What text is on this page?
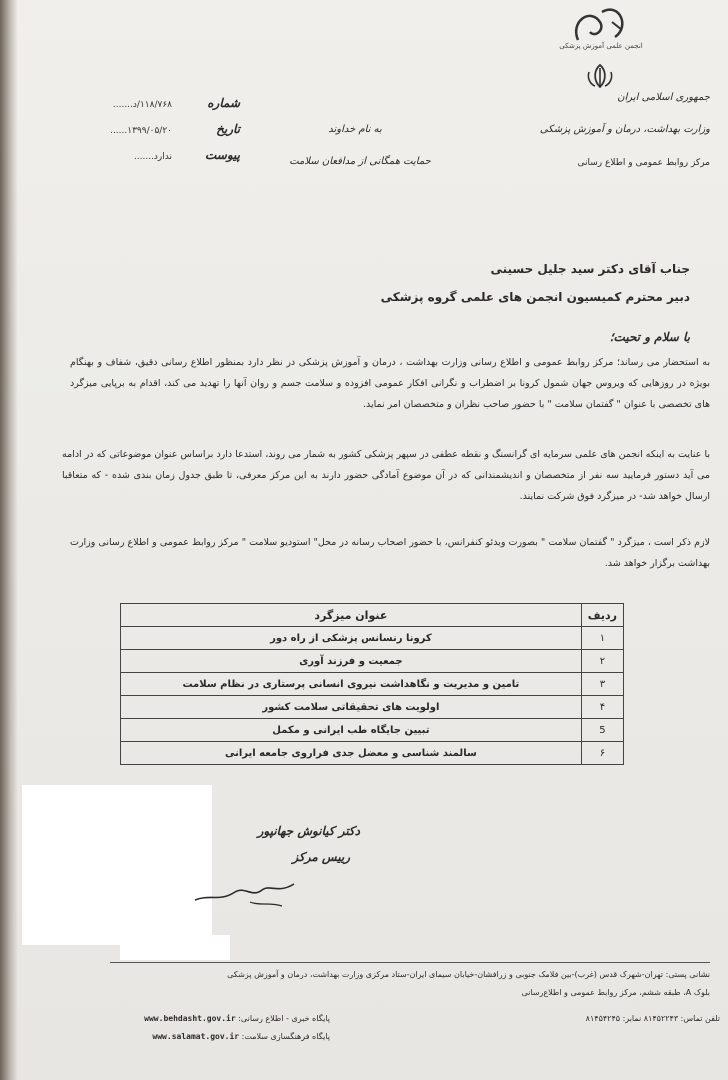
انجمن علمی آموزش پزشکی
جمهوری اسلامی ایران
وزارت بهداشت، درمان و آموزش پزشکی
مرکز روابط عمومی و اطلاع رسانی
به نام خداوند
حمایت همگانی از مدافعان سلامت
شماره
۱۱۸/۷۶۸/د.......
تاریخ
۱۳۹۹/۰۵/۲۰......
پیوست
ندارد.......
جناب آقای دکتر سید جلیل حسینی
دبیر محترم کمیسیون انجمن های علمی گروه پزشکی
با سلام و تحیت؛
به استحضار می رساند؛ مرکز روابط عمومی و اطلاع رسانی وزارت بهداشت ، درمان و آموزش پزشکی در نظر دارد بمنظور اطلاع رسانی دقیق، شفاف و بهنگام بویژه در روزهایی که ویروس جهان شمول کرونا بر اضطراب و نگرانی افکار عمومی افزوده و سلامت جسم و روان آنها را تهدید می کند، اقدام به برپایی میزگرد های تخصصی با عنوان " گفتمان سلامت " با حضور صاحب نظران و متخصصان امر نماید.
با عنایت به اینکه انجمن های علمی سرمایه ای گرانسنگ و نقطه عطفی در سپهر پزشکی کشور به شمار می روند، استدعا دارد براساس عنوان موضوعاتی که در ادامه می آید دستور فرمایید سه نفر از متخصصان و اندیشمندانی که در آن موضوع آمادگی حضور دارند به این مرکز معرفی، تا طبق جدول زمان بندی شده - که متعاقبا ارسال خواهد شد- در میزگرد فوق شرکت نمایند.
لازم ذکر است ، میزگرد " گفتمان سلامت " بصورت ویدئو کنفرانس، با حضور اصحاب رسانه در محل" استودیو سلامت " مرکز روابط عمومی و اطلاع رسانی وزارت بهداشت برگزار خواهد شد.
ردیف	عنوان میزگرد
۱	کرونا رنسانس پزشکی از راه دور
۲	جمعیت و فرزند آوری
۳	تامین و مدیریت و نگاهداشت نیروی انسانی پرستاری در نظام سلامت
۴	اولویت های تحقیقاتی سلامت کشور
5	تبیین جایگاه طب ایرانی و مکمل
۶	سالمند شناسی و معضل جدی فراروی جامعه ایرانی
دکتر کیانوش جهانپور
رییس مرکز
نشانی پستی: تهران-شهرک قدس (غرب)-بین فلامک جنوبی و زرافشان-خیابان سیمای ایران-ستاد مرکزی وزارت بهداشت، درمان و آموزش پزشکی
بلوک A، طبقه ششم، مرکز روابط عمومی و اطلاع‌رسانی
تلفن تماس: ۸۱۴۵۲۲۴۳ نمابر: ۸۱۴۵۴۲۴۵
پایگاه خبری - اطلاع رسانی: www.behdasht.gov.ir
پایگاه فرهنگسازی سلامت: www.salamat.gov.ir
